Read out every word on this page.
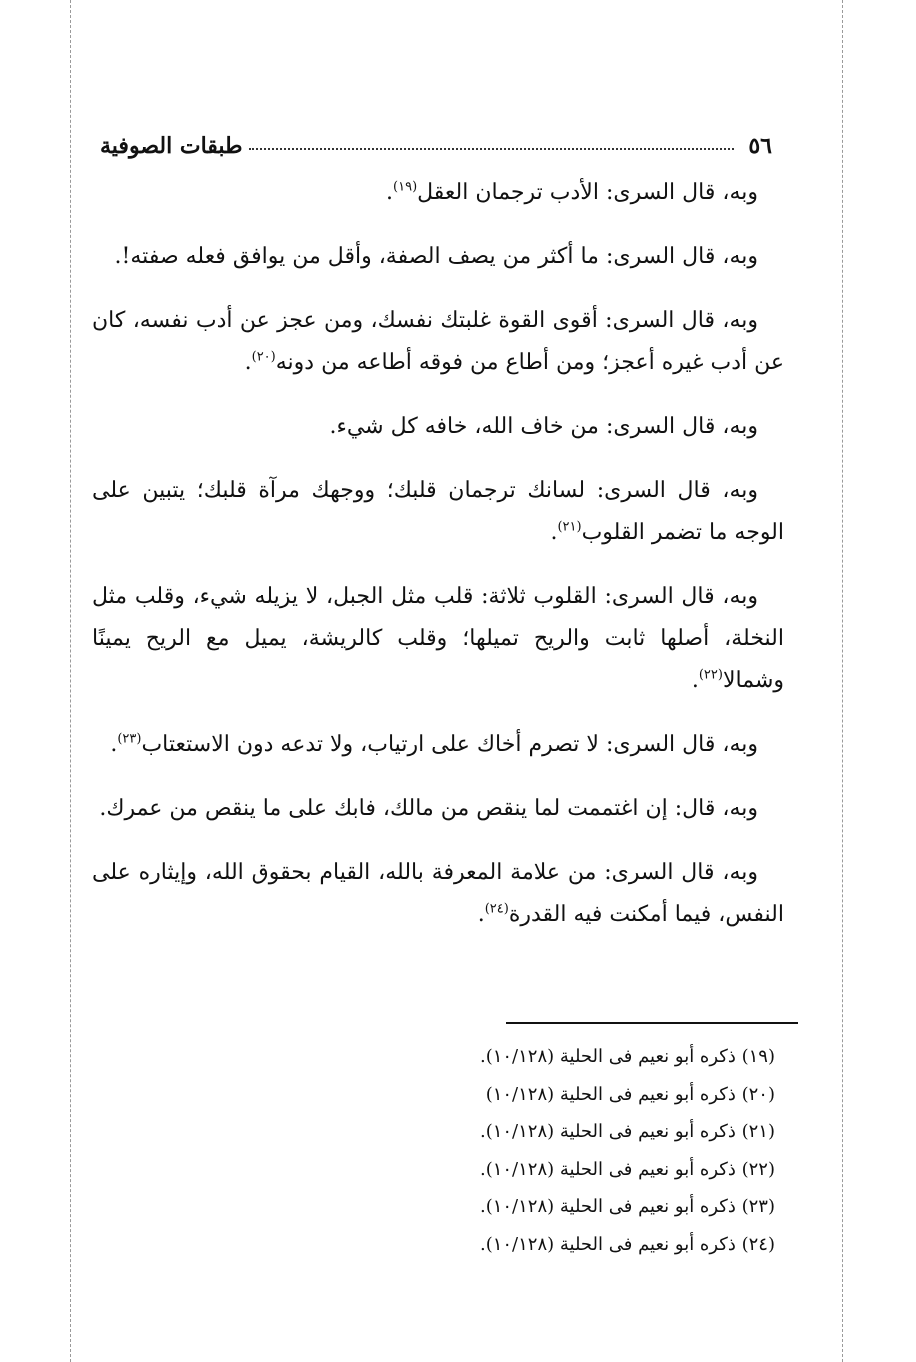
٥٦
طبقات الصوفية

وبه، قال السرى: الأدب ترجمان العقل$^{(١٩)}$.

وبه، قال السرى: ما أكثر من يصف الصفة، وأقل من يوافق فعله صفته!.

وبه، قال السرى: أقوى القوة غلبتك نفسك، ومن عجز عن أدب نفسه، كان عن أدب غيره أعجز؛ ومن أطاع من فوقه أطاعه من دونه$^{(٢٠)}$.

وبه، قال السرى: من خاف الله، خافه كل شيء.

وبه، قال السرى: لسانك ترجمان قلبك؛ ووجهك مرآة قلبك؛ يتبين على الوجه ما تضمر القلوب$^{(٢١)}$.

وبه، قال السرى: القلوب ثلاثة: قلب مثل الجبل، لا يزيله شيء، وقلب مثل النخلة، أصلها ثابت والريح تميلها؛ وقلب كالريشة، يميل مع الريح يمينًا وشمالا$^{(٢٢)}$.

وبه، قال السرى: لا تصرم أخاك على ارتياب، ولا تدعه دون الاستعتاب$^{(٢٣)}$.

وبه، قال: إن اغتممت لما ينقص من مالك، فابك على ما ينقص من عمرك.

وبه، قال السرى: من علامة المعرفة بالله، القيام بحقوق الله، وإيثاره على النفس، فيما أمكنت فيه القدرة$^{(٢٤)}$.

(١٩) ذكره أبو نعيم فى الحلية (١٠/١٢٨).
(٢٠) ذكره أبو نعيم فى الحلية (١٠/١٢٨)
(٢١) ذكره أبو نعيم فى الحلية (١٠/١٢٨).
(٢٢) ذكره أبو نعيم فى الحلية (١٠/١٢٨).
(٢٣) ذكره أبو نعيم فى الحلية (١٠/١٢٨).
(٢٤) ذكره أبو نعيم فى الحلية (١٠/١٢٨).
